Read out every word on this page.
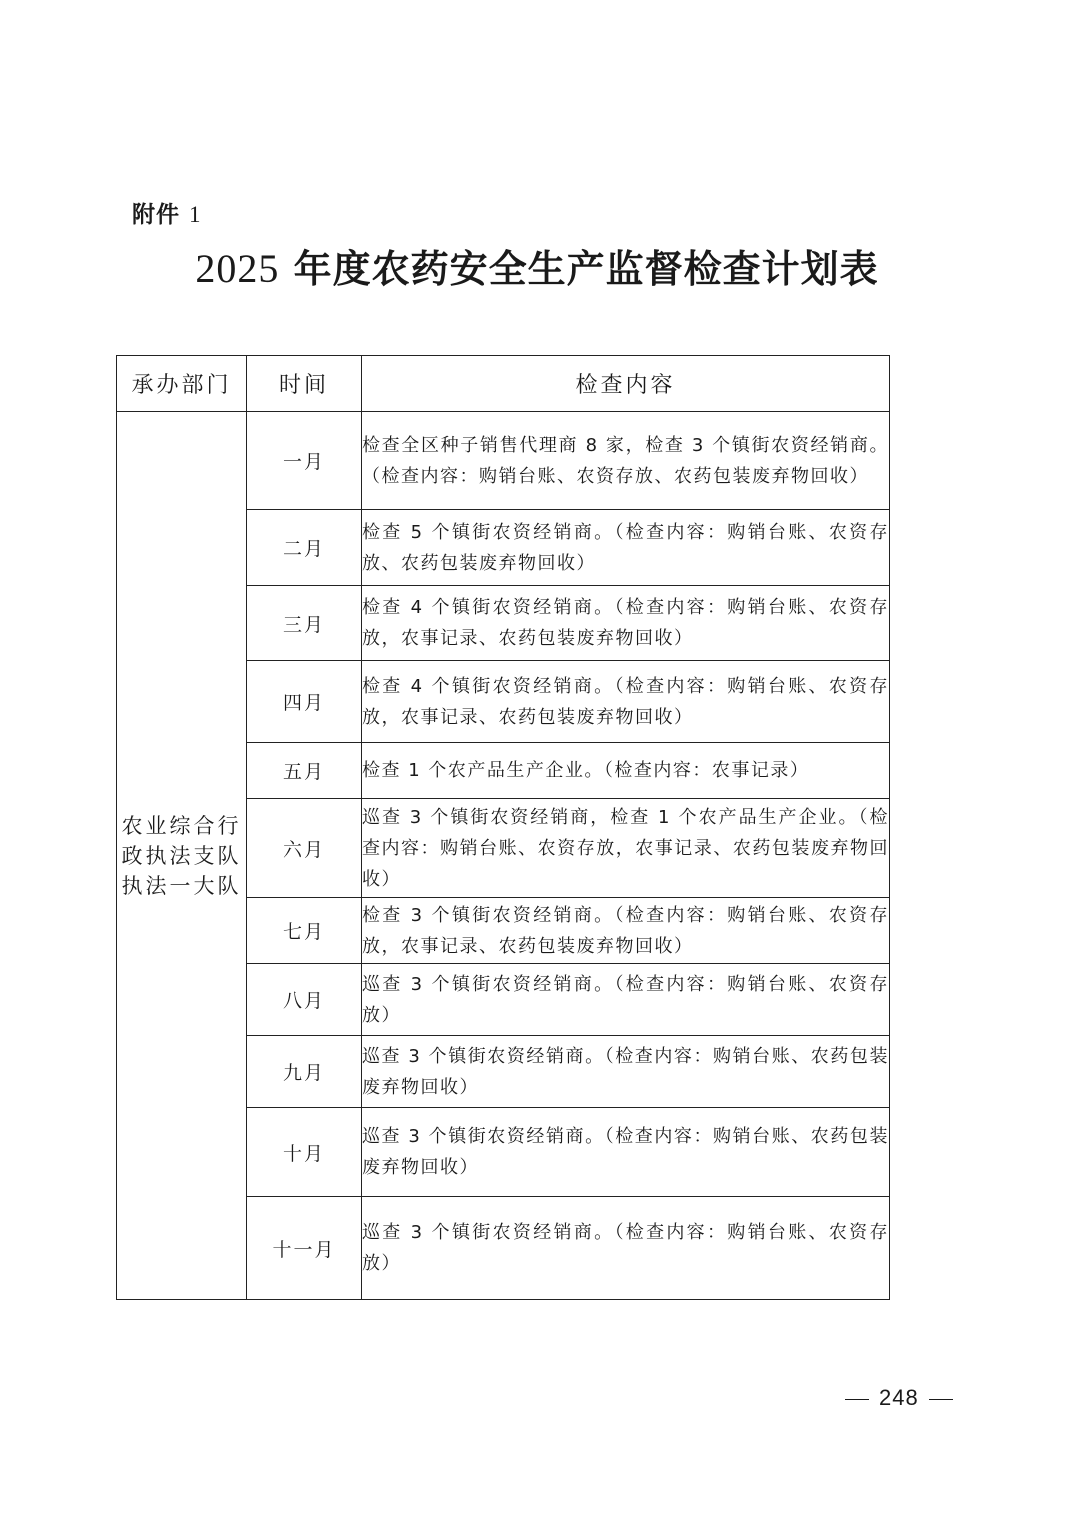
附件 1
2025 年度农药安全生产监督检查计划表
承办部门	时间	检查内容
农业综合行政执法支队执法一大队	一月	检查全区种子销售代理商 8 家，检查 3 个镇街农资经销商。（检查内容：购销台账、农资存放、农药包装废弃物回收）
	二月	检查 5 个镇街农资经销商。（检查内容：购销台账、农资存放、农药包装废弃物回收）
	三月	检查 4 个镇街农资经销商。（检查内容：购销台账、农资存放，农事记录、农药包装废弃物回收）
	四月	检查 4 个镇街农资经销商。（检查内容：购销台账、农资存放，农事记录、农药包装废弃物回收）
	五月	检查 1 个农产品生产企业。（检查内容：农事记录）
	六月	巡查 3 个镇街农资经销商，检查 1 个农产品生产企业。（检查内容：购销台账、农资存放，农事记录、农药包装废弃物回收）
	七月	检查 3 个镇街农资经销商。（检查内容：购销台账、农资存放，农事记录、农药包装废弃物回收）
	八月	巡查 3 个镇街农资经销商。（检查内容：购销台账、农资存放）
	九月	巡查 3 个镇街农资经销商。（检查内容：购销台账、农药包装废弃物回收）
	十月	巡查 3 个镇街农资经销商。（检查内容：购销台账、农药包装废弃物回收）
	十一月	巡查 3 个镇街农资经销商。（检查内容：购销台账、农资存放）
248
